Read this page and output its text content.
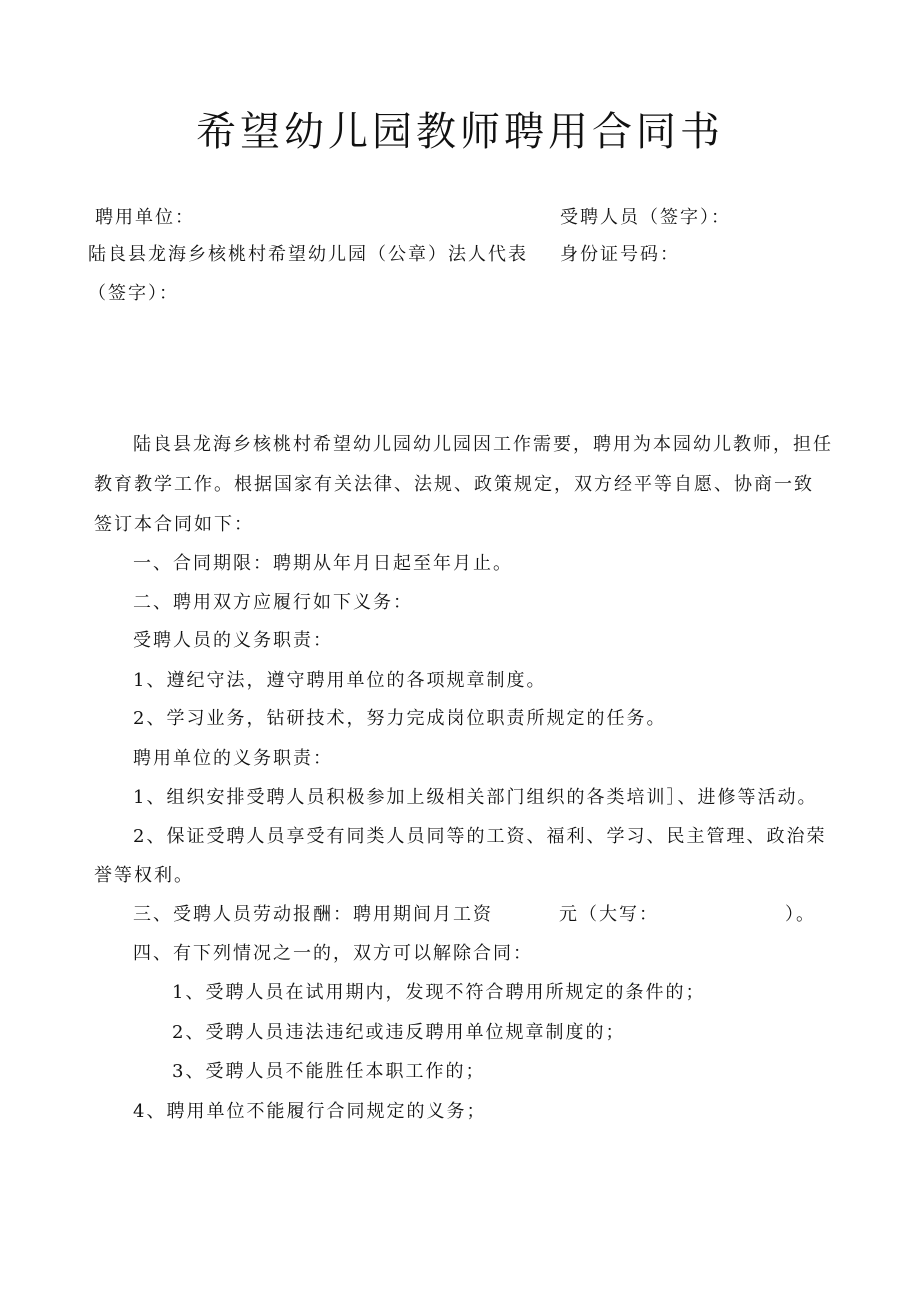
希望幼儿园教师聘用合同书
聘用单位：	受聘人员（签字）：
陆良县龙海乡核桃村希望幼儿园（公章）法人代表 身份证号码：
（签字）：
陆良县龙海乡核桃村希望幼儿园幼儿园因工作需要，聘用为本园幼儿教师，担任
教育教学工作。根据国家有关法律、法规、政策规定，双方经平等自愿、协商一致
签订本合同如下：
一、合同期限：聘期从年月日起至年月止。
二、聘用双方应履行如下义务：
受聘人员的义务职责：
1、遵纪守法，遵守聘用单位的各项规章制度。
2、学习业务，钻研技术，努力完成岗位职责所规定的任务。
聘用单位的义务职责：
1、组织安排受聘人员积极参加上级相关部门组织的各类培训］、进修等活动。
2、保证受聘人员享受有同类人员同等的工资、福利、学习、民主管理、政治荣
誉等权利。
三、受聘人员劳动报酬：聘用期间月工资	元（大写：	）。
四、有下列情况之一的，双方可以解除合同：
1、受聘人员在试用期内，发现不符合聘用所规定的条件的；
2、受聘人员违法违纪或违反聘用单位规章制度的；
3、受聘人员不能胜任本职工作的；
4、聘用单位不能履行合同规定的义务；
